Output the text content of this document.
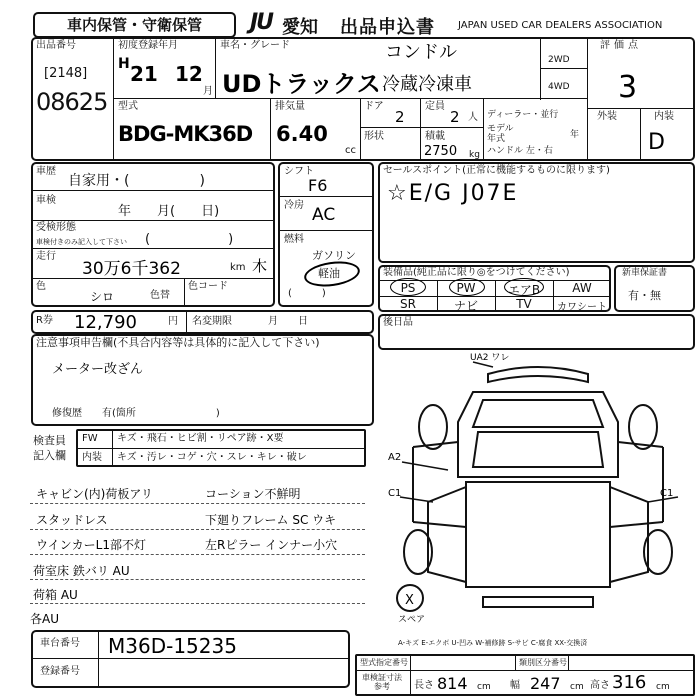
車内保管・守衛保管	JU 愛知 出品申込書 JAPAN USED CAR DEALERS ASSOCIATION
出品番号
[2148]
08625
初度登録年月
H 21 12
月
車名・グレード	コンドル
UDトラックス 冷蔵冷凍車
2WD
4WD
評価点
3
外装	内装
D
型式
BDG-MK36D
排気量
6.40
cc
ドア
2
定員
2 人
形状	積載
2750 kg
ディーラー・並行
モデル
年式	年
ハンドル 左・右
車歴
自家用・(　　　　　)
車検
年　　月(　　日)
受検形態
車検付きのみ記入して下さい (　　　　　　)
走行
30万6千362	km 木
色
シロ	色替
色コード
シフト
F6
冷房 AC
燃料
ガソリン
軽油
(　　　)
セールスポイント(正常に機能するものに限ります)
☆E/G J07E
装備品(純正品に限り◎をつけてください)
PS	PW	エアB	AW
SR	ナビ	TV	カワシート
新車保証書
有・無
R券 12,790	円 名変期限	月　　日	後日品
注意事項申告欄(不具合内容等は具体的に記入して下さい)
メーター改ざん
修復歴　　有(箇所　　　　　　　　)
検査員
記入欄
FW キズ・飛石・ヒビ割・リペア跡・X要
内装 キズ・汚レ・コゲ・穴・スレ・キレ・破レ
キャビン(内)荷板アリ
スタッドレス
ウインカーL1部不灯
荷室床 鉄バリ AU
荷箱 AU
各AU
コーション不鮮明
下廻りフレーム SC ウキ
左Rピラー インナー小穴
UA2 ワレ
A2
C1	C1
X
スペア
A-キズ E-エクボ U-凹み W-補修跡 S-サビ C-腐食 XX-交換済
車台番号 M36D-15235
登録番号
型式指定番号	類別区分番号
車検証寸法
参考	長さ 814 cm 幅 247 cm 高さ 316 cm
